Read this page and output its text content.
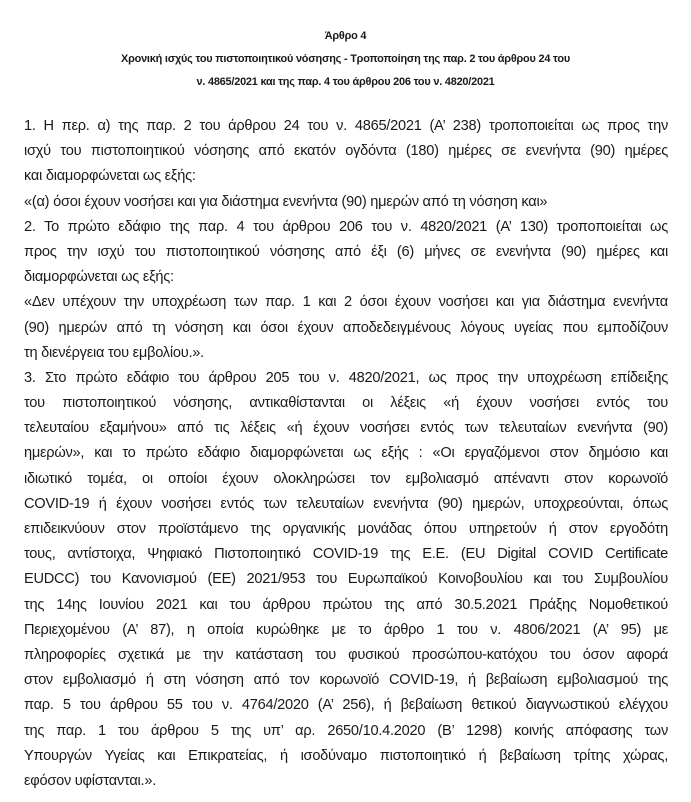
Άρθρο 4
Χρονική ισχύς του πιστοποιητικού νόσησης - Τροποποίηση της παρ. 2 του άρθρου 24 του
ν. 4865/2021 και της παρ. 4 του άρθρου 206 του ν. 4820/2021
1. Η περ. α) της παρ. 2 του άρθρου 24 του ν. 4865/2021 (Α’ 238) τροποποιείται ως προς την
ισχύ του πιστοποιητικού νόσησης από εκατόν ογδόντα (180) ημέρες σε ενενήντα (90) ημέρες
και διαμορφώνεται ως εξής:
«(α) όσοι έχουν νοσήσει και για διάστημα ενενήντα (90) ημερών από τη νόσηση και»
2. Το πρώτο εδάφιο της παρ. 4 του άρθρου 206 του ν. 4820/2021 (Α’ 130) τροποποιείται ως
προς την ισχύ του πιστοποιητικού νόσησης από έξι (6) μήνες σε ενενήντα (90) ημέρες και
διαμορφώνεται ως εξής:
«Δεν υπέχουν την υποχρέωση των παρ. 1 και 2 όσοι έχουν νοσήσει και για διάστημα ενενήντα
(90) ημερών από τη νόσηση και όσοι έχουν αποδεδειγμένους λόγους υγείας που εμποδίζουν
τη διενέργεια του εμβολίου.».
3. Στο πρώτο εδάφιο του άρθρου 205 του ν. 4820/2021, ως προς την υποχρέωση επίδειξης
του πιστοποιητικού νόσησης, αντικαθίστανται οι λέξεις «ή έχουν νοσήσει εντός του
τελευταίου εξαμήνου» από τις λέξεις «ή έχουν νοσήσει εντός των τελευταίων ενενήντα (90)
ημερών», και το πρώτο εδάφιο διαμορφώνεται ως εξής : «Οι εργαζόμενοι στον δημόσιο και
ιδιωτικό τομέα, οι οποίοι έχουν ολοκληρώσει τον εμβολιασμό απέναντι στον κορωνοϊό
COVID-19 ή έχουν νοσήσει εντός των τελευταίων ενενήντα (90) ημερών, υποχρεούνται, όπως
επιδεικνύουν στον προϊστάμενο της οργανικής μονάδας όπου υπηρετούν ή στον εργοδότη
τους, αντίστοιχα, Ψηφιακό Πιστοποιητικό COVID-19 της Ε.Ε. (EU Digital COVID Certificate
EUDCC) του Κανονισμού (ΕΕ) 2021/953 του Ευρωπαϊκού Κοινοβουλίου και του Συμβουλίου
της 14ης Ιουνίου 2021 και του άρθρου πρώτου της από 30.5.2021 Πράξης Νομοθετικού
Περιεχομένου (Α’ 87), η οποία κυρώθηκε με το άρθρο 1 του ν. 4806/2021 (Α’ 95) με
πληροφορίες σχετικά με την κατάσταση του φυσικού προσώπου-κατόχου του όσον αφορά
στον εμβολιασμό ή στη νόσηση από τον κορωνοϊό COVID-19, ή βεβαίωση εμβολιασμού της
παρ. 5 του άρθρου 55 του ν. 4764/2020 (Α’ 256), ή βεβαίωση θετικού διαγνωστικού ελέγχου
της παρ. 1 του άρθρου 5 της υπ’ αρ. 2650/10.4.2020 (Β’ 1298) κοινής απόφασης των
Υπουργών Υγείας και Επικρατείας, ή ισοδύναμο πιστοποιητικό ή βεβαίωση τρίτης χώρας,
εφόσον υφίστανται.».
